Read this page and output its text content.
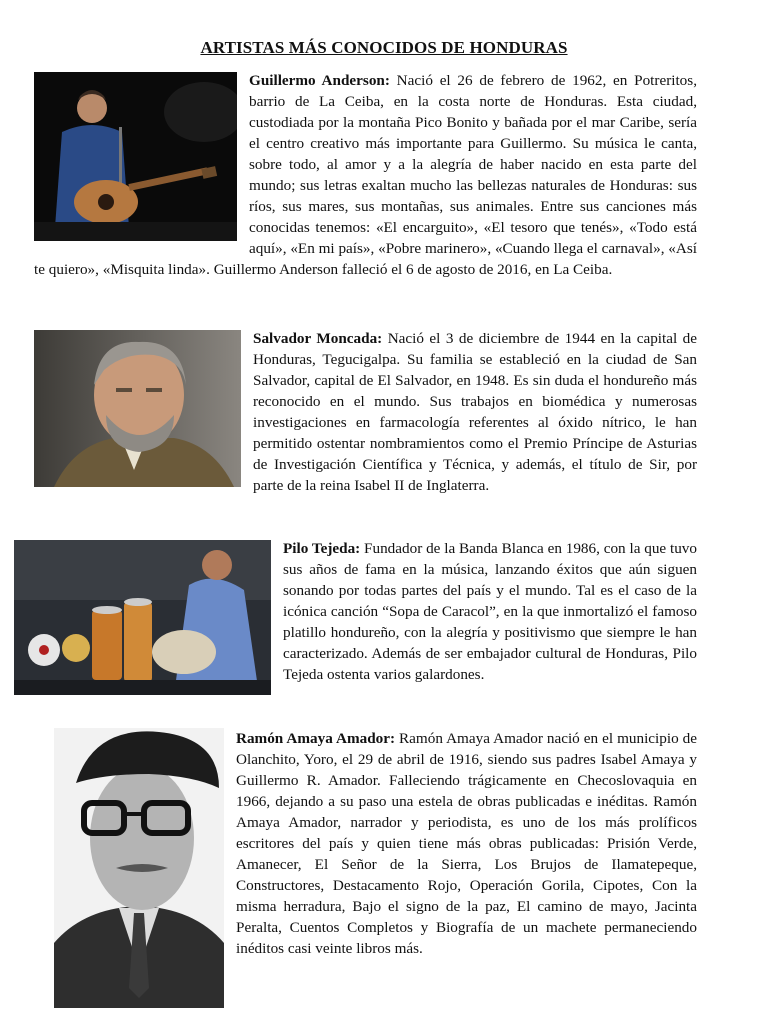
ARTISTAS MÁS CONOCIDOS DE HONDURAS

Guillermo Anderson: Nació el 26 de febrero de 1962, en Potreritos, barrio de La Ceiba, en la costa norte de Honduras. Esta ciudad, custodiada por la montaña Pico Bonito y bañada por el mar Caribe, sería el centro creativo más importante para Guillermo. Su música le canta, sobre todo, al amor y a la alegría de haber nacido en esta parte del mundo; sus letras exaltan mucho las bellezas naturales de Honduras: sus ríos, sus mares, sus montañas, sus animales. Entre sus canciones más conocidas tenemos: «El encarguito», «El tesoro que tenés», «Todo está aquí», «En mi país», «Pobre marinero», «Cuando llega el carnaval», «Así te quiero», «Misquita linda». Guillermo Anderson falleció el 6 de agosto de 2016, en La Ceiba.

Salvador Moncada: Nació el 3 de diciembre de 1944 en la capital de Honduras, Tegucigalpa. Su familia se estableció en la ciudad de San Salvador, capital de El Salvador, en 1948. Es sin duda el hondureño más reconocido en el mundo. Sus trabajos en biomédica y numerosas investigaciones en farmacología referentes al óxido nítrico, le han permitido ostentar nombramientos como el Premio Príncipe de Asturias de Investigación Científica y Técnica, y además, el título de Sir, por parte de la reina Isabel II de Inglaterra.

Pilo Tejeda: Fundador de la Banda Blanca en 1986, con la que tuvo sus años de fama en la música, lanzando éxitos que aún siguen sonando por todas partes del país y el mundo. Tal es el caso de la icónica canción “Sopa de Caracol”, en la que inmortalizó el famoso platillo hondureño, con la alegría y positivismo que siempre le han caracterizado. Además de ser embajador cultural de Honduras, Pilo Tejeda ostenta varios galardones.

Ramón Amaya Amador: Ramón Amaya Amador nació en el municipio de Olanchito, Yoro, el 29 de abril de 1916, siendo sus padres Isabel Amaya y Guillermo R. Amador. Falleciendo trágicamente en Checoslovaquia en 1966, dejando a su paso una estela de obras publicadas e inéditas. Ramón Amaya Amador, narrador y periodista, es uno de los más prolíficos escritores del país y quien tiene más obras publicadas: Prisión Verde, Amanecer, El Señor de la Sierra, Los Brujos de Ilamatepeque, Constructores, Destacamento Rojo, Operación Gorila, Cipotes, Con la misma herradura, Bajo el signo de la paz, El camino de mayo, Jacinta Peralta, Cuentos Completos y Biografía de un machete permaneciendo inéditos casi veinte libros más.
